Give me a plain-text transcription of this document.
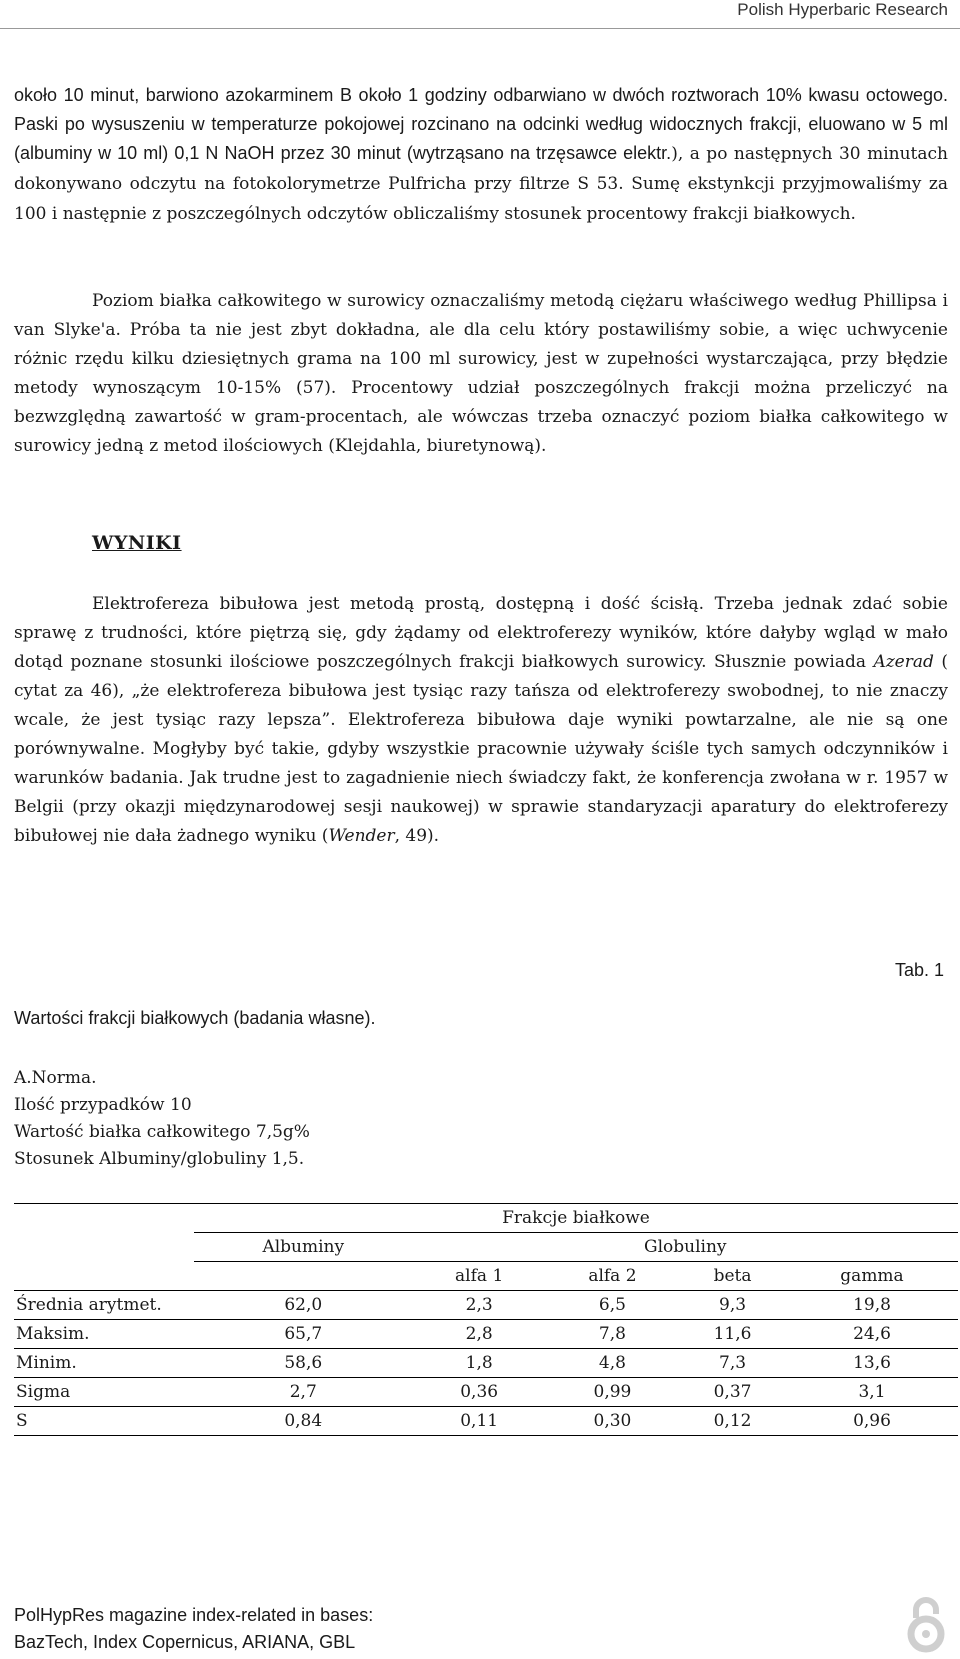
Polish Hyperbaric Research

około 10 minut, barwiono azokarminem B około 1 godziny odbarwiano w dwóch roztworach 10% kwasu octowego. Paski po wysuszeniu w temperaturze pokojowej rozcinano na odcinki według widocznych frakcji, eluowano w 5 ml (albuminy w 10 ml) 0,1 N NaOH przez 30 minut (wytrząsano na trzęsawce elektr.), a po następnych 30 minutach dokonywano odczytu na fotokolorymetrze Pulfricha przy filtrze S 53. Sumę ekstynkcji przyjmowaliśmy za 100 i następnie z poszczególnych odczytów obliczaliśmy stosunek procentowy frakcji białkowych.

Poziom białka całkowitego w surowicy oznaczaliśmy metodą ciężaru właściwego według Phillipsa i van Slyke'a. Próba ta nie jest zbyt dokładna, ale dla celu który postawiliśmy sobie, a więc uchwycenie różnic rzędu kilku dziesiętnych grama na 100 ml surowicy, jest w zupełności wystarczająca, przy błędzie metody wynoszącym 10-15% (57). Procentowy udział poszczególnych frakcji można przeliczyć na bezwzględną zawartość w gram-procentach, ale wówczas trzeba oznaczyć poziom białka całkowitego w surowicy jedną z metod ilościowych (Klejdahla, biuretynową).

WYNIKI

Elektrofereza bibułowa jest metodą prostą, dostępną i dość ścisłą. Trzeba jednak zdać sobie sprawę z trudności, które piętrzą się, gdy żądamy od elektroferezy wyników, które dałyby wgląd w mało dotąd poznane stosunki ilościowe poszczególnych frakcji białkowych surowicy. Słusznie powiada Azerad ( cytat za 46), „że elektrofereza bibułowa jest tysiąc razy tańsza od elektroferezy swobodnej, to nie znaczy wcale, że jest tysiąc razy lepsza”. Elektrofereza bibułowa daje wyniki powtarzalne, ale nie są one porównywalne. Mogłyby być takie, gdyby wszystkie pracownie używały ściśle tych samych odczynników i warunków badania. Jak trudne jest to zagadnienie niech świadczy fakt, że konferencja zwołana w r. 1957 w Belgii (przy okazji międzynarodowej sesji naukowej) w sprawie standaryzacji aparatury do elektroferezy bibułowej nie dała żadnego wyniku (Wender, 49).

Tab. 1
Wartości frakcji białkowych (badania własne).
A.Norma.
Ilość przypadków 10
Wartość białka całkowitego 7,5g%
Stosunek Albuminy/globuliny 1,5.
	Frakcje białkowe				
	Albuminy	Globuliny			
		alfa 1	alfa 2	beta	gamma
Średnia arytmet.	62,0	2,3	6,5	9,3	19,8
Maksim.	65,7	2,8	7,8	11,6	24,6
Minim.	58,6	1,8	4,8	7,3	13,6
Sigma	2,7	0,36	0,99	0,37	3,1
S	0,84	0,11	0,30	0,12	0,96
PolHypRes magazine index-related in bases:
BazTech, Index Copernicus, ARIANA, GBL
